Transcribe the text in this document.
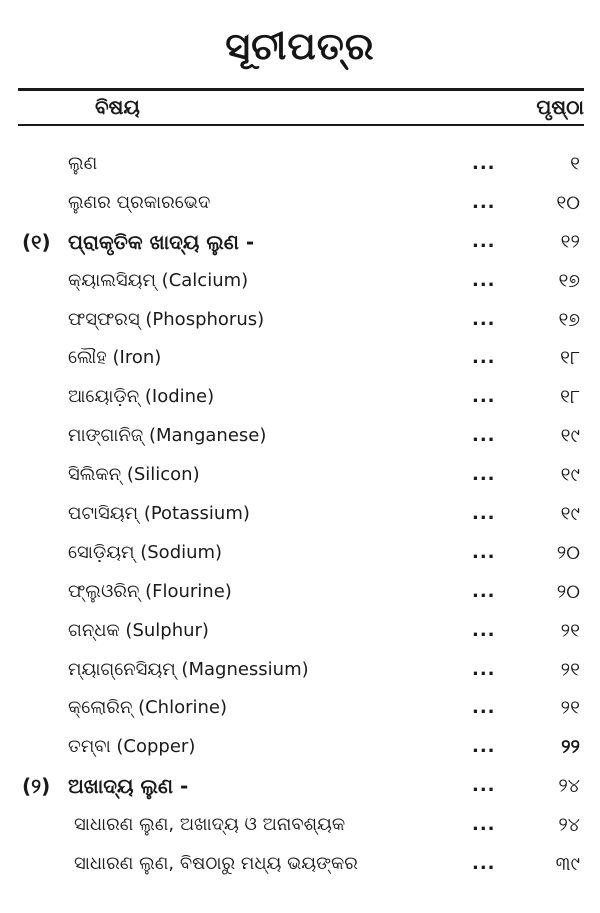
ସୂଚୀପତ୍ର
ବିଷୟ	ପୃଷ୍ଠା
ଲୁଣ	...	୧
ଲୁଣର ପ୍ରକାରଭେଦ	...	୧୦
(୧) ପ୍ରାକୃତିକ ଖାଦ୍ୟ ଲୁଣ -	...	୧୨
କ୍ୟାଲସିୟମ୍ (Calcium)	...	୧୭
ଫସ୍ଫରସ୍ (Phosphorus)	...	୧୭
ଲୌହ (Iron)	...	୧୮
ଆୟୋଡ଼ିନ୍ (Iodine)	...	୧୮
ମାଙ୍ଗାନିଜ୍ (Manganese)	...	୧୯
ସିଲିକନ୍ (Silicon)	...	୧୯
ପଟାସିୟମ୍ (Potassium)	...	୧୯
ସୋଡ଼ିୟମ୍ (Sodium)	...	୨୦
ଫ୍ଲୁଓରିନ୍ (Flourine)	...	୨୦
ଗନ୍ଧକ (Sulphur)	...	୨୧
ମ୍ୟାଗ୍ନେସିୟମ୍ (Magnessium)	...	୨୧
କ୍ଲୋରିନ୍ (Chlorine)	...	୨୧
ତମ୍ବା (Copper)	...	୨୨
(୨) ଅଖାଦ୍ୟ ଲୁଣ -	...	୨୪
ସାଧାରଣ ଲୁଣ, ଅଖାଦ୍ୟ ଓ ଅନାବଶ୍ୟକ	...	୨୪
ସାଧାରଣ ଲୁଣ, ବିଷଠାରୁ ମଧ୍ୟ ଭୟଙ୍କର	...	୩୯
